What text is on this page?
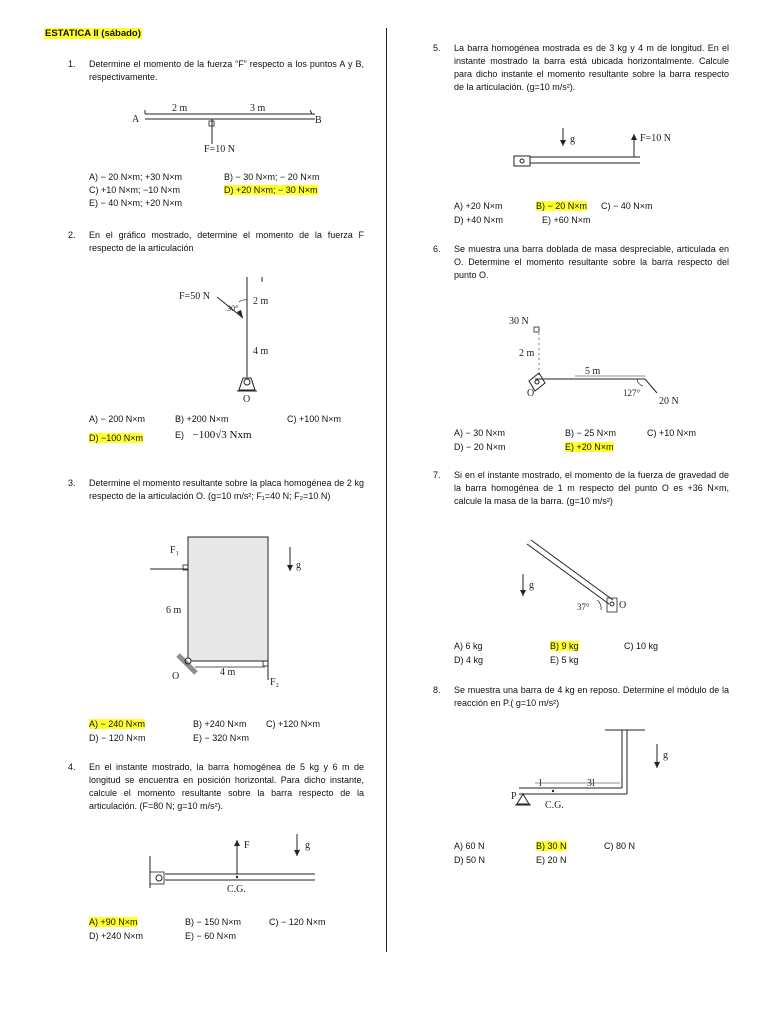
ESTATICA II (sábado)
1. Determine el momento de la fuerza “F” respecto a los puntos A y B, respectivamente.
A	B
2 m	3 m
F=10 N
A) − 20 N×m; +30 N×m	B) − 30 N×m; − 20 N×m
C) +10 N×m; −10 N×m	D) +20 N×m; − 30 N×m
E) − 40 N×m; +20 N×m
2. En el gráfico mostrado, determine el momento de la fuerza F respecto de la articulación
F=50 N
30°
2 m
4 m
O
A) − 200 N×m	B) +200 N×m	C) +100 N×m
D) −100 N×m	E) −100√3 Nxm
3. Determine el momento resultante sobre la placa homogénea de 2 kg respecto de la articulación O. (g=10 m/s²; F₁=40 N; F₂=10 N)
F₁
F₂
6 m
4 m
O
g
A) − 240 N×m	B) +240 N×m C) +120 N×m
D) − 120 N×m	E) − 320 N×m
4. En el instante mostrado, la barra homogénea de 5 kg y 6 m de longitud se encuentra en posición horizontal. Para dicho instante, calcule el momento resultante sobre la barra respecto de la articulación. (F=80 N; g=10 m/s²).
F	g
C.G.
A) +90 N×m	B) − 150 N×m	C) − 120 N×m
D) +240 N×m	E) − 60 N×m
5. La barra homogénea mostrada es de 3 kg y 4 m de longitud. En el instante mostrado la barra está ubicada horizontalmente. Calcule para dicho instante el momento resultante sobre la barra respecto de la articulación. (g=10 m/s²).
g	F=10 N
A) +20 N×m	B) − 20 N×m C) − 40 N×m
D) +40 N×m	E) +60 N×m
6. Se muestra una barra doblada de masa despreciable, articulada en O. Determine el momento resultante sobre la barra respecto del punto O.
30 N
2 m
5 m
127°
20 N
O
A) − 30 N×m	B) − 25 N×m	C) +10 N×m
D) − 20 N×m	E) +20 N×m
7. Si en el instante mostrado, el momento de la fuerza de gravedad de la barra homogénea de 1 m respecto del punto O es +36 N×m, calcule la masa de la barra. (g=10 m/s²)
g
37°	O
A) 6 kg	B) 9 kg	C) 10 kg
D) 4 kg	E) 5 kg
8. Se muestra una barra de 4 kg en reposo. Determine el módulo de la reacción en P.( g=10 m/s²)
g
P
C.G.
l	3l
A) 60 N	B) 30 N	C) 80 N
D) 50 N	E) 20 N
